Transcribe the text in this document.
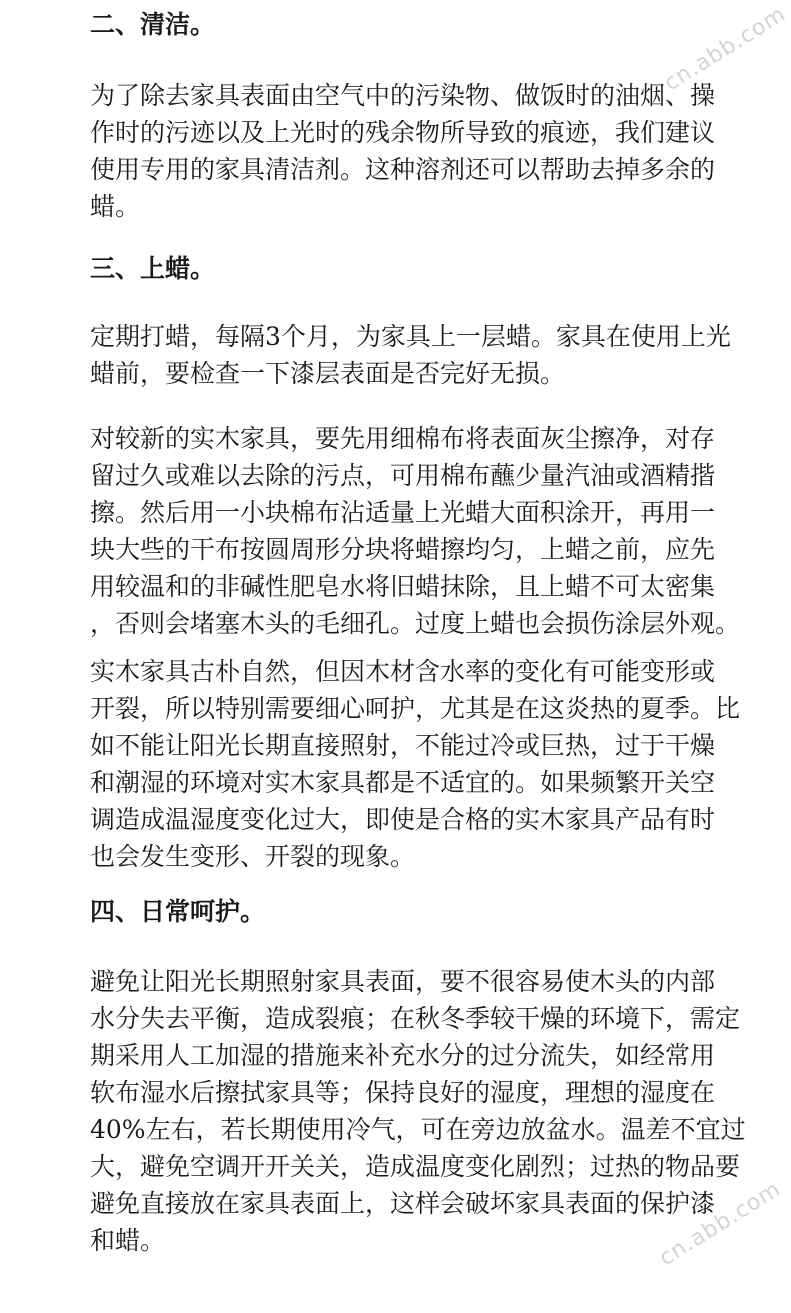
二、清洁。

为了除去家具表面由空气中的污染物、做饭时的油烟、操
作时的污迹以及上光时的残余物所导致的痕迹，我们建议
使用专用的家具清洁剂。这种溶剂还可以帮助去掉多余的
蜡。

三、上蜡。

定期打蜡，每隔3个月，为家具上一层蜡。家具在使用上光
蜡前，要检查一下漆层表面是否完好无损。

对较新的实木家具，要先用细棉布将表面灰尘擦净，对存
留过久或难以去除的污点，可用棉布蘸少量汽油或酒精揩
擦。然后用一小块棉布沾适量上光蜡大面积涂开，再用一
块大些的干布按圆周形分块将蜡擦均匀，上蜡之前，应先
用较温和的非碱性肥皂水将旧蜡抹除，且上蜡不可太密集
，否则会堵塞木头的毛细孔。过度上蜡也会损伤涂层外观。

实木家具古朴自然，但因木材含水率的变化有可能变形或
开裂，所以特别需要细心呵护，尤其是在这炎热的夏季。比
如不能让阳光长期直接照射，不能过冷或巨热，过于干燥
和潮湿的环境对实木家具都是不适宜的。如果频繁开关空
调造成温湿度变化过大，即使是合格的实木家具产品有时
也会发生变形、开裂的现象。

四、日常呵护。

避免让阳光长期照射家具表面，要不很容易使木头的内部
水分失去平衡，造成裂痕；在秋冬季较干燥的环境下，需定
期采用人工加湿的措施来补充水分的过分流失，如经常用
软布湿水后擦拭家具等；保持良好的湿度，理想的湿度在
40%左右，若长期使用冷气，可在旁边放盆水。温差不宜过
大，避免空调开开关关，造成温度变化剧烈；过热的物品要
避免直接放在家具表面上，这样会破坏家具表面的保护漆
和蜡。

cn.abb.com
cn.abb.com
